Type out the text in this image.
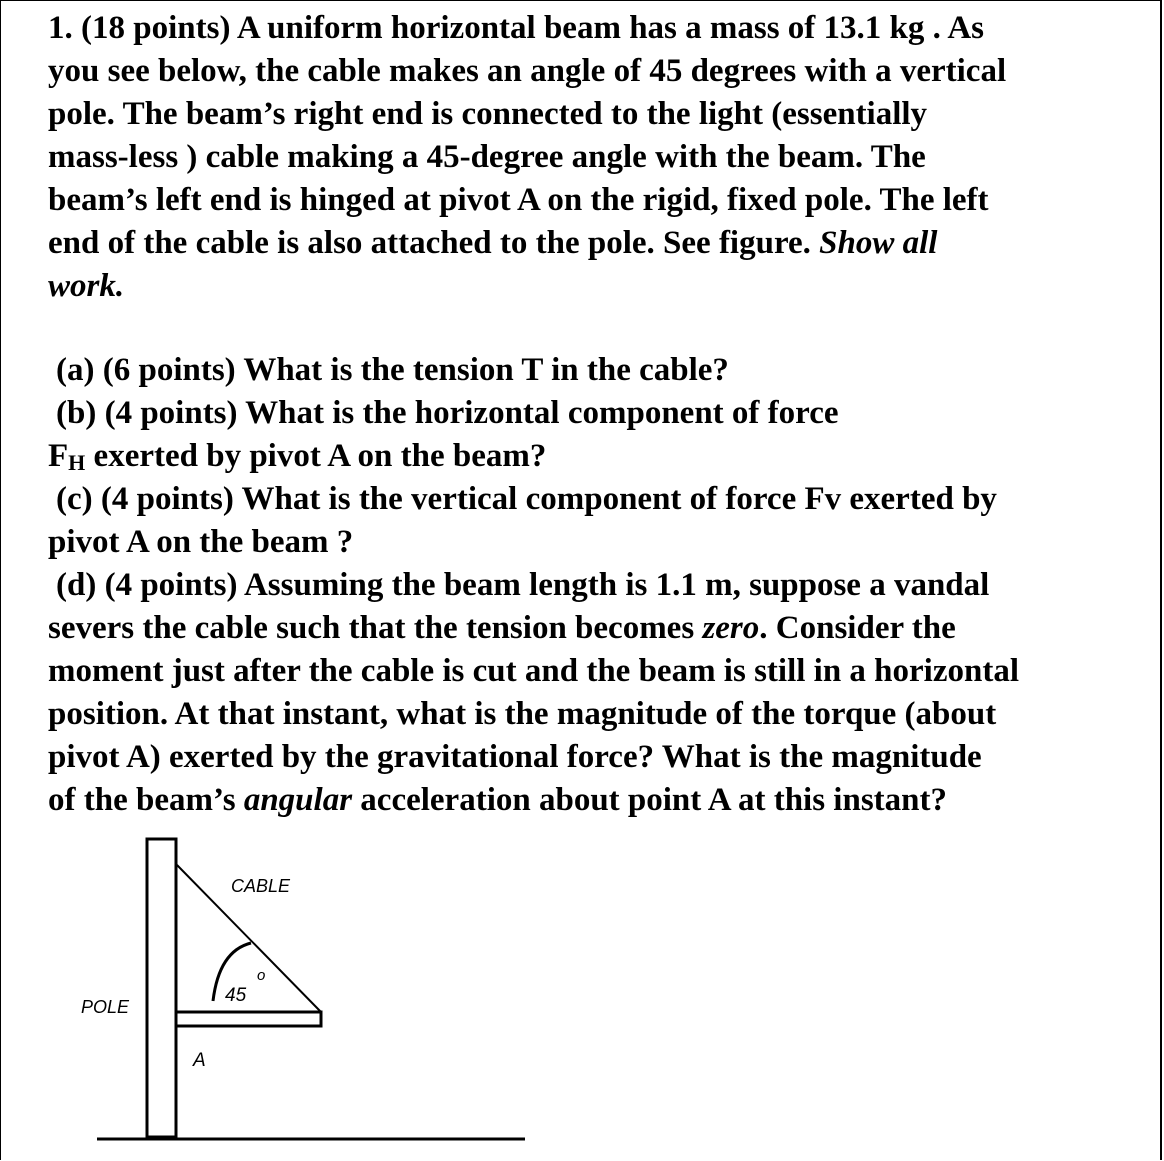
1. (18 points) A uniform horizontal beam has a mass of 13.1 kg . As
you see below, the cable makes an angle of 45 degrees with a vertical
pole. The beam’s right end is connected to the light (essentially
mass-less ) cable making a 45-degree angle with the beam. The
beam’s left end is hinged at pivot A on the rigid, fixed pole. The left
end of the cable is also attached to the pole. See figure. Show all
work.
(a) (6 points) What is the tension T in the cable?
(b) (4 points) What is the horizontal component of force
FH exerted by pivot A on the beam?
(c) (4 points) What is the vertical component of force Fv exerted by
pivot A on the beam ?
(d) (4 points) Assuming the beam length is 1.1 m, suppose a vandal
severs the cable such that the tension becomes zero. Consider the
moment just after the cable is cut and the beam is still in a horizontal
position. At that instant, what is the magnitude of the torque (about
pivot A) exerted by the gravitational force? What is the magnitude
of the beam’s angular acceleration about point A at this instant?
CABLE
POLE
A
45
o
